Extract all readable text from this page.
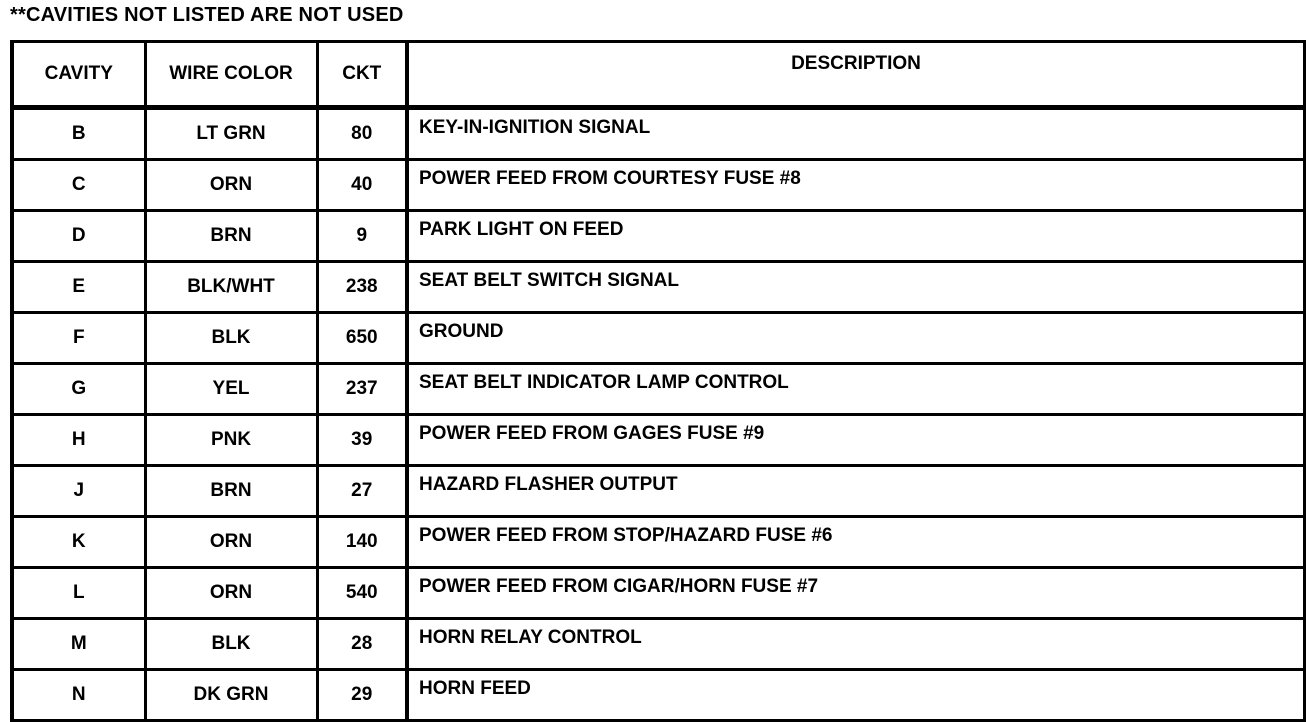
**CAVITIES NOT LISTED ARE NOT USED
CAVITY	WIRE COLOR	CKT	DESCRIPTION
B	LT GRN	80	KEY-IN-IGNITION SIGNAL
C	ORN	40	POWER FEED FROM COURTESY FUSE #8
D	BRN	9	PARK LIGHT ON FEED
E	BLK/WHT	238	SEAT BELT SWITCH SIGNAL
F	BLK	650	GROUND
G	YEL	237	SEAT BELT INDICATOR LAMP CONTROL
H	PNK	39	POWER FEED FROM GAGES FUSE #9
J	BRN	27	HAZARD FLASHER OUTPUT
K	ORN	140	POWER FEED FROM STOP/HAZARD FUSE #6
L	ORN	540	POWER FEED FROM CIGAR/HORN FUSE #7
M	BLK	28	HORN RELAY CONTROL
N	DK GRN	29	HORN FEED
